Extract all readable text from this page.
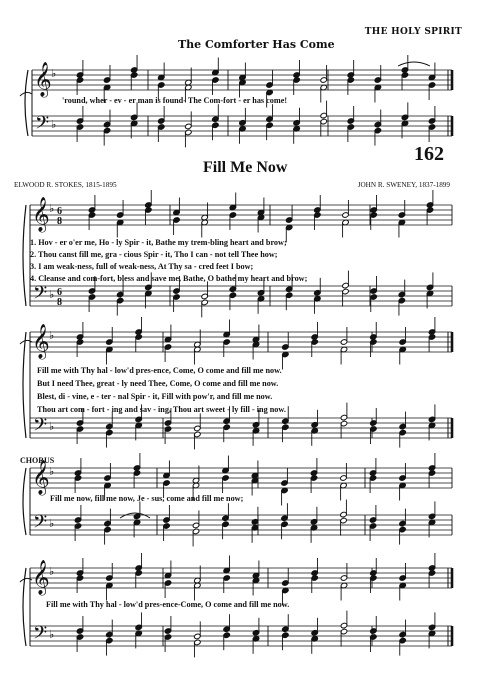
The Comforter Has Come
THE HOLY SPIRIT
162
Fill Me Now
ELWOOD R. STOKES, 1815-1895	JOHN R. SWENEY, 1837-1899
𝄞
𝄢
♭
♭
𝄞
𝄢
♭
♭
6
8
6
8
𝄞
𝄢
♭
♭
𝄞
𝄢
♭
♭
𝄞
𝄢
♭
♭
'round, wher - ev - er man is found- The Com-fort - er has come!
1. Hov - er o'er me, Ho - ly Spir - it, Bathe my trem-bling heart and brow;
2. Thou canst fill me, gra - cious Spir - it, Tho I can - not tell Thee how;
3. I am weak-ness, full of weak-ness, At Thy sa - cred feet I bow;
4. Cleanse and com-fort, bless and save me, Bathe, O bathe my heart and brow;
Fill me with Thy hal - low'd pres-ence, Come, O come and fill me now.
But I need Thee, great - ly need Thee, Come, O come and fill me now.
Blest, di - vine, e - ter - nal Spir - it, Fill with pow'r, and fill me now.
Thou art com - fort - ing and sav - ing, Thou art sweet - ly fill - ing now.
CHORUS
Fill me now, fill me now, Je - sus, come and fill me now;
Fill me with Thy hal - low'd pres-ence-Come, O come and fill me now.
